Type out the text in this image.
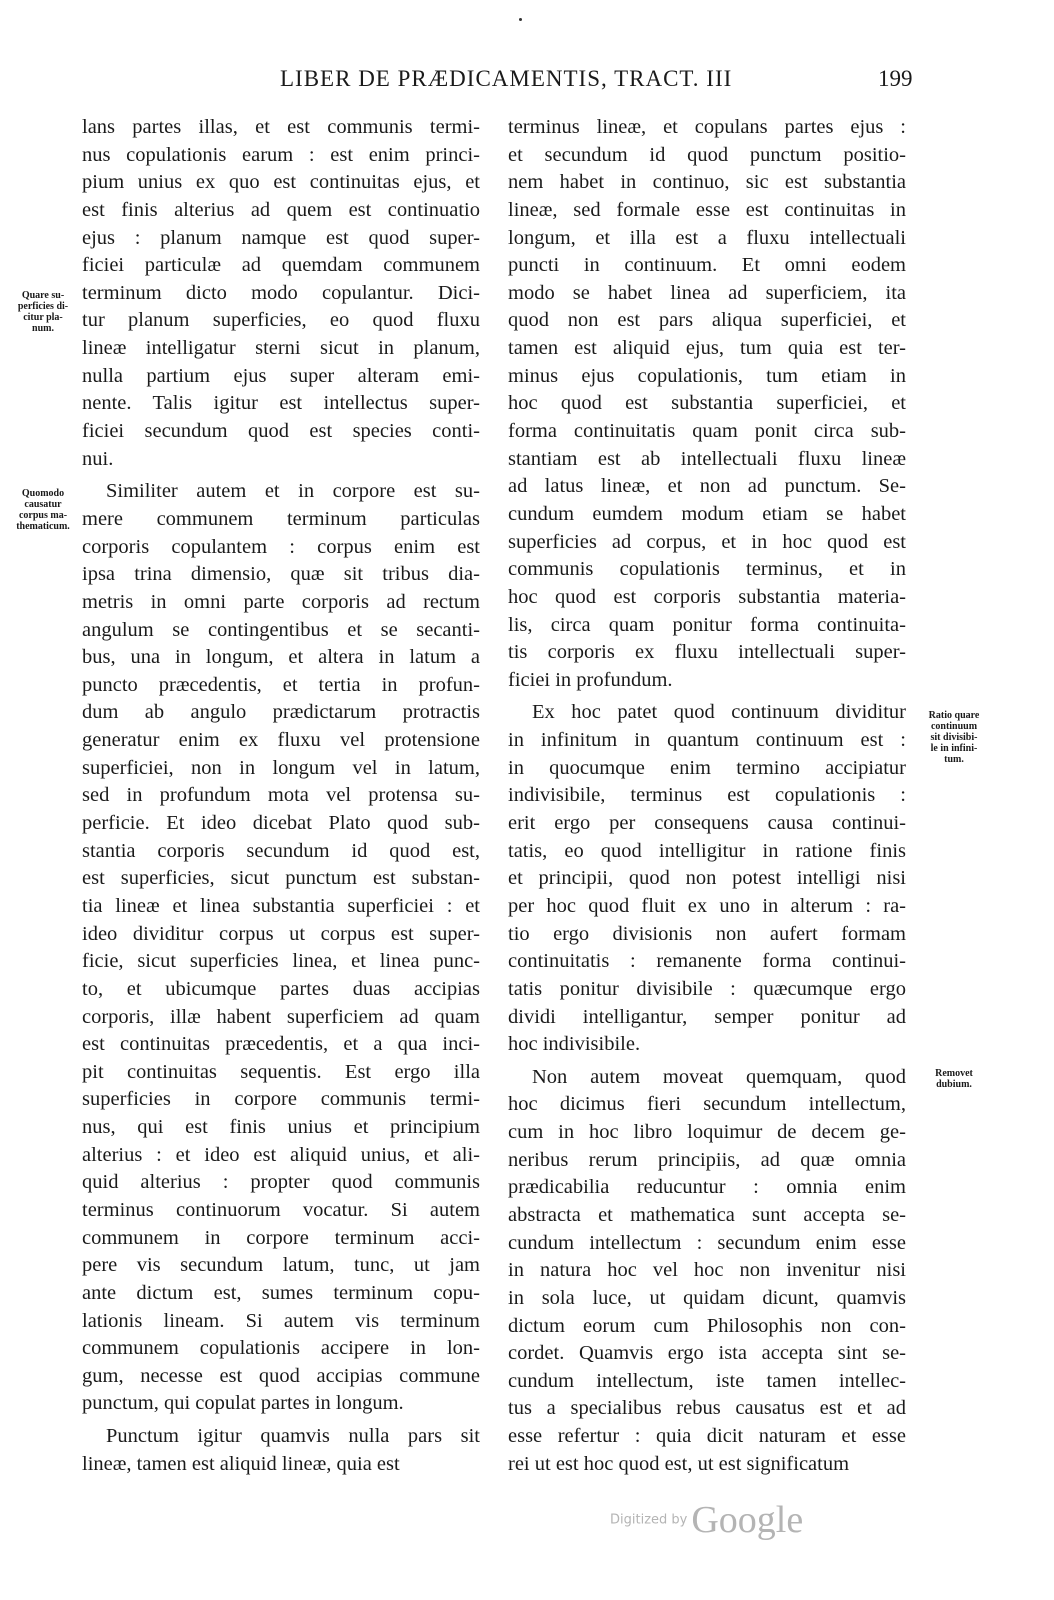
LIBER DE PRÆDICAMENTIS, TRACT. III	199
lans partes illas, et est communis termi-
nus copulationis earum : est enim princi-
pium unius ex quo est continuitas ejus, et
est finis alterius ad quem est continuatio
ejus : planum namque est quod super-
ficiei particulæ ad quemdam communem
terminum dicto modo copulantur. Dici-
tur planum superficies, eo quod fluxu
lineæ intelligatur sterni sicut in planum,
nulla partium ejus super alteram emi-
nente. Talis igitur est intellectus super-
ficiei secundum quod est species conti-
nui.
Similiter autem et in corpore est su-
mere communem terminum particulas
corporis copulantem : corpus enim est
ipsa trina dimensio, quæ sit tribus dia-
metris in omni parte corporis ad rectum
angulum se contingentibus et se secanti-
bus, una in longum, et altera in latum a
puncto præcedentis, et tertia in profun-
dum ab angulo prædictarum protractis
generatur enim ex fluxu vel protensione
superficiei, non in longum vel in latum,
sed in profundum mota vel protensa su-
perficie. Et ideo dicebat Plato quod sub-
stantia corporis secundum id quod est,
est superficies, sicut punctum est substan-
tia lineæ et linea substantia superficiei : et
ideo dividitur corpus ut corpus est super-
ficie, sicut superficies linea, et linea punc-
to, et ubicumque partes duas accipias
corporis, illæ habent superficiem ad quam
est continuitas præcedentis, et a qua inci-
pit continuitas sequentis. Est ergo illa
superficies in corpore communis termi-
nus, qui est finis unius et principium
alterius : et ideo est aliquid unius, et ali-
quid alterius : propter quod communis
terminus continuorum vocatur. Si autem
communem in corpore terminum acci-
pere vis secundum latum, tunc, ut jam
ante dictum est, sumes terminum copu-
lationis lineam. Si autem vis terminum
communem copulationis accipere in lon-
gum, necesse est quod accipias commune
punctum, qui copulat partes in longum.
Punctum igitur quamvis nulla pars sit
lineæ, tamen est aliquid lineæ, quia est
terminus lineæ, et copulans partes ejus :
et secundum id quod punctum positio-
nem habet in continuo, sic est substantia
lineæ, sed formale esse est continuitas in
longum, et illa est a fluxu intellectuali
puncti in continuum. Et omni eodem
modo se habet linea ad superficiem, ita
quod non est pars aliqua superficiei, et
tamen est aliquid ejus, tum quia est ter-
minus ejus copulationis, tum etiam in
hoc quod est substantia superficiei, et
forma continuitatis quam ponit circa sub-
stantiam est ab intellectuali fluxu lineæ
ad latus lineæ, et non ad punctum. Se-
cundum eumdem modum etiam se habet
superficies ad corpus, et in hoc quod est
communis copulationis terminus, et in
hoc quod est corporis substantia materia-
lis, circa quam ponitur forma continuita-
tis corporis ex fluxu intellectuali super-
ficiei in profundum.
Ex hoc patet quod continuum dividitur
in infinitum in quantum continuum est :
in quocumque enim termino accipiatur
indivisibile, terminus est copulationis :
erit ergo per consequens causa continui-
tatis, eo quod intelligitur in ratione finis
et principii, quod non potest intelligi nisi
per hoc quod fluit ex uno in alterum : ra-
tio ergo divisionis non aufert formam
continuitatis : remanente forma continui-
tatis ponitur divisibile : quæcumque ergo
dividi intelligantur, semper ponitur ad
hoc indivisibile.
Non autem moveat quemquam, quod
hoc dicimus fieri secundum intellectum,
cum in hoc libro loquimur de decem ge-
neribus rerum principiis, ad quæ omnia
prædicabilia reducuntur : omnia enim
abstracta et mathematica sunt accepta se-
cundum intellectum : secundum enim esse
in natura hoc vel hoc non invenitur nisi
in sola luce, ut quidam dicunt, quamvis
dictum eorum cum Philosophis non con-
cordet. Quamvis ergo ista accepta sint se-
cundum intellectum, iste tamen intellec-
tus a specialibus rebus causatus est et ad
esse refertur : quia dicit naturam et esse
rei ut est hoc quod est, ut est significatum
Quare su-
perficies di-
citur pla-
num.
Quomodo
causatur
corpus ma-
thematicum.
Ratio quare
continuum
sit divisibi-
le in infini-
tum.
Removet
dubium.
Digitized by Google
